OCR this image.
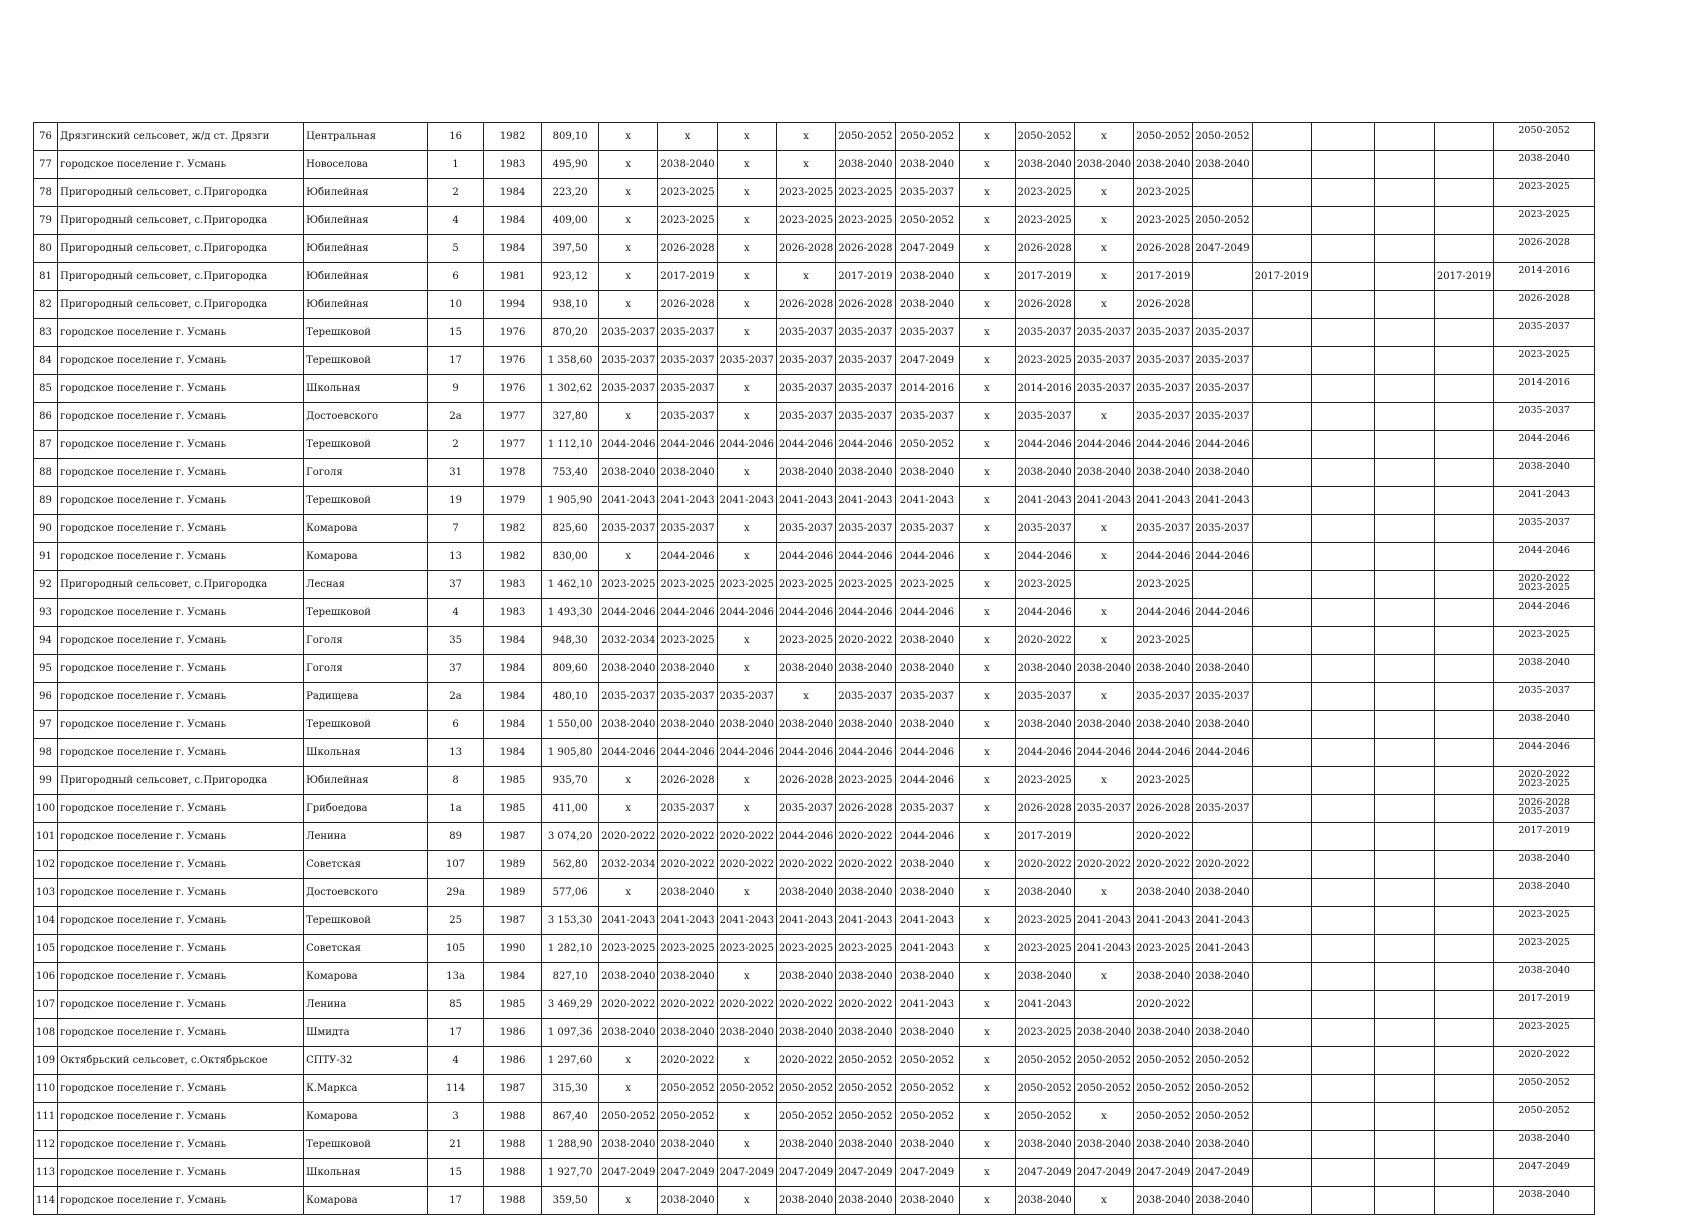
76	Дрязгинский сельсовет, ж/д ст. Дрязги	Центральная	16	1982	809,10	x	x	x	x	2050-2052	2050-2052	x	2050-2052	x	2050-2052	2050-2052					2050-2052
77	городское поселение г. Усмань	Новоселова	1	1983	495,90	x	2038-2040	x	x	2038-2040	2038-2040	x	2038-2040	2038-2040	2038-2040	2038-2040					2038-2040
78	Пригородный сельсовет, с.Пригородка	Юбилейная	2	1984	223,20	x	2023-2025	x	2023-2025	2023-2025	2035-2037	x	2023-2025	x	2023-2025						2023-2025
79	Пригородный сельсовет, с.Пригородка	Юбилейная	4	1984	409,00	x	2023-2025	x	2023-2025	2023-2025	2050-2052	x	2023-2025	x	2023-2025	2050-2052					2023-2025
80	Пригородный сельсовет, с.Пригородка	Юбилейная	5	1984	397,50	x	2026-2028	x	2026-2028	2026-2028	2047-2049	x	2026-2028	x	2026-2028	2047-2049					2026-2028
81	Пригородный сельсовет, с.Пригородка	Юбилейная	6	1981	923,12	x	2017-2019	x	x	2017-2019	2038-2040	x	2017-2019	x	2017-2019		2017-2019			2017-2019	2014-2016
82	Пригородный сельсовет, с.Пригородка	Юбилейная	10	1994	938,10	x	2026-2028	x	2026-2028	2026-2028	2038-2040	x	2026-2028	x	2026-2028						2026-2028
83	городское поселение г. Усмань	Терешковой	15	1976	870,20	2035-2037	2035-2037	x	2035-2037	2035-2037	2035-2037	x	2035-2037	2035-2037	2035-2037	2035-2037					2035-2037
84	городское поселение г. Усмань	Терешковой	17	1976	1 358,60	2035-2037	2035-2037	2035-2037	2035-2037	2035-2037	2047-2049	x	2023-2025	2035-2037	2035-2037	2035-2037					2023-2025
85	городское поселение г. Усмань	Школьная	9	1976	1 302,62	2035-2037	2035-2037	x	2035-2037	2035-2037	2014-2016	x	2014-2016	2035-2037	2035-2037	2035-2037					2014-2016
86	городское поселение г. Усмань	Достоевского	2а	1977	327,80	x	2035-2037	x	2035-2037	2035-2037	2035-2037	x	2035-2037	x	2035-2037	2035-2037					2035-2037
87	городское поселение г. Усмань	Терешковой	2	1977	1 112,10	2044-2046	2044-2046	2044-2046	2044-2046	2044-2046	2050-2052	x	2044-2046	2044-2046	2044-2046	2044-2046					2044-2046
88	городское поселение г. Усмань	Гоголя	31	1978	753,40	2038-2040	2038-2040	x	2038-2040	2038-2040	2038-2040	x	2038-2040	2038-2040	2038-2040	2038-2040					2038-2040
89	городское поселение г. Усмань	Терешковой	19	1979	1 905,90	2041-2043	2041-2043	2041-2043	2041-2043	2041-2043	2041-2043	x	2041-2043	2041-2043	2041-2043	2041-2043					2041-2043
90	городское поселение г. Усмань	Комарова	7	1982	825,60	2035-2037	2035-2037	x	2035-2037	2035-2037	2035-2037	x	2035-2037	x	2035-2037	2035-2037					2035-2037
91	городское поселение г. Усмань	Комарова	13	1982	830,00	x	2044-2046	x	2044-2046	2044-2046	2044-2046	x	2044-2046	x	2044-2046	2044-2046					2044-2046
92	Пригородный сельсовет, с.Пригородка	Лесная	37	1983	1 462,10	2023-2025	2023-2025	2023-2025	2023-2025	2023-2025	2023-2025	x	2023-2025		2023-2025						2020-2022
2023-2025
93	городское поселение г. Усмань	Терешковой	4	1983	1 493,30	2044-2046	2044-2046	2044-2046	2044-2046	2044-2046	2044-2046	x	2044-2046	x	2044-2046	2044-2046					2044-2046
94	городское поселение г. Усмань	Гоголя	35	1984	948,30	2032-2034	2023-2025	x	2023-2025	2020-2022	2038-2040	x	2020-2022	x	2023-2025						2023-2025
95	городское поселение г. Усмань	Гоголя	37	1984	809,60	2038-2040	2038-2040	x	2038-2040	2038-2040	2038-2040	x	2038-2040	2038-2040	2038-2040	2038-2040					2038-2040
96	городское поселение г. Усмань	Радищева	2а	1984	480,10	2035-2037	2035-2037	2035-2037	x	2035-2037	2035-2037	x	2035-2037	x	2035-2037	2035-2037					2035-2037
97	городское поселение г. Усмань	Терешковой	6	1984	1 550,00	2038-2040	2038-2040	2038-2040	2038-2040	2038-2040	2038-2040	x	2038-2040	2038-2040	2038-2040	2038-2040					2038-2040
98	городское поселение г. Усмань	Школьная	13	1984	1 905,80	2044-2046	2044-2046	2044-2046	2044-2046	2044-2046	2044-2046	x	2044-2046	2044-2046	2044-2046	2044-2046					2044-2046
99	Пригородный сельсовет, с.Пригородка	Юбилейная	8	1985	935,70	x	2026-2028	x	2026-2028	2023-2025	2044-2046	x	2023-2025	x	2023-2025						2020-2022
2023-2025
100	городское поселение г. Усмань	Грибоедова	1а	1985	411,00	x	2035-2037	x	2035-2037	2026-2028	2035-2037	x	2026-2028	2035-2037	2026-2028	2035-2037					2026-2028
2035-2037
101	городское поселение г. Усмань	Ленина	89	1987	3 074,20	2020-2022	2020-2022	2020-2022	2044-2046	2020-2022	2044-2046	x	2017-2019		2020-2022						2017-2019
102	городское поселение г. Усмань	Советская	107	1989	562,80	2032-2034	2020-2022	2020-2022	2020-2022	2020-2022	2038-2040	x	2020-2022	2020-2022	2020-2022	2020-2022					2038-2040
103	городское поселение г. Усмань	Достоевского	29а	1989	577,06	x	2038-2040	x	2038-2040	2038-2040	2038-2040	x	2038-2040	x	2038-2040	2038-2040					2038-2040
104	городское поселение г. Усмань	Терешковой	25	1987	3 153,30	2041-2043	2041-2043	2041-2043	2041-2043	2041-2043	2041-2043	x	2023-2025	2041-2043	2041-2043	2041-2043					2023-2025
105	городское поселение г. Усмань	Советская	105	1990	1 282,10	2023-2025	2023-2025	2023-2025	2023-2025	2023-2025	2041-2043	x	2023-2025	2041-2043	2023-2025	2041-2043					2023-2025
106	городское поселение г. Усмань	Комарова	13а	1984	827,10	2038-2040	2038-2040	x	2038-2040	2038-2040	2038-2040	x	2038-2040	x	2038-2040	2038-2040					2038-2040
107	городское поселение г. Усмань	Ленина	85	1985	3 469,29	2020-2022	2020-2022	2020-2022	2020-2022	2020-2022	2041-2043	x	2041-2043		2020-2022						2017-2019
108	городское поселение г. Усмань	Шмидта	17	1986	1 097,36	2038-2040	2038-2040	2038-2040	2038-2040	2038-2040	2038-2040	x	2023-2025	2038-2040	2038-2040	2038-2040					2023-2025
109	Октябрьский сельсовет, с.Октябрьское	СПТУ-32	4	1986	1 297,60	x	2020-2022	x	2020-2022	2050-2052	2050-2052	x	2050-2052	2050-2052	2050-2052	2050-2052					2020-2022
110	городское поселение г. Усмань	К.Маркса	114	1987	315,30	x	2050-2052	2050-2052	2050-2052	2050-2052	2050-2052	x	2050-2052	2050-2052	2050-2052	2050-2052					2050-2052
111	городское поселение г. Усмань	Комарова	3	1988	867,40	2050-2052	2050-2052	x	2050-2052	2050-2052	2050-2052	x	2050-2052	x	2050-2052	2050-2052					2050-2052
112	городское поселение г. Усмань	Терешковой	21	1988	1 288,90	2038-2040	2038-2040	x	2038-2040	2038-2040	2038-2040	x	2038-2040	2038-2040	2038-2040	2038-2040					2038-2040
113	городское поселение г. Усмань	Школьная	15	1988	1 927,70	2047-2049	2047-2049	2047-2049	2047-2049	2047-2049	2047-2049	x	2047-2049	2047-2049	2047-2049	2047-2049					2047-2049
114	городское поселение г. Усмань	Комарова	17	1988	359,50	x	2038-2040	x	2038-2040	2038-2040	2038-2040	x	2038-2040	x	2038-2040	2038-2040					2038-2040
